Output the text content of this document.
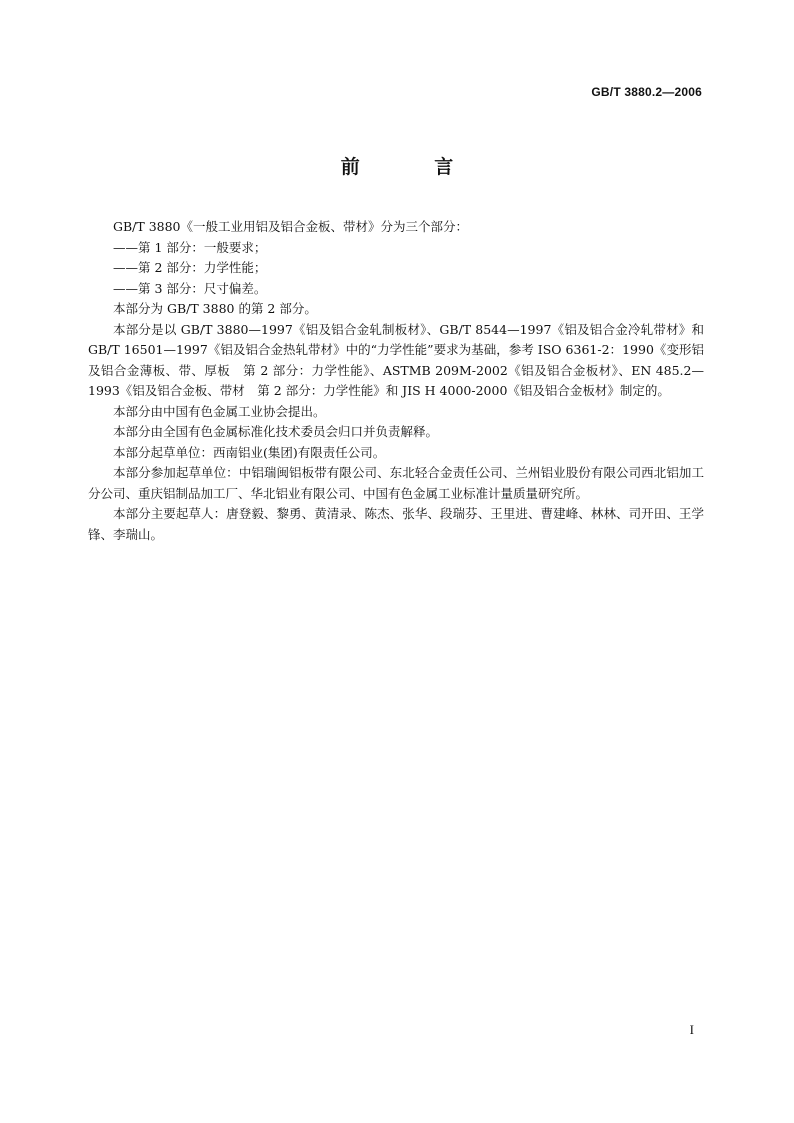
GB/T 3880.2—2006
前 言

GB/T 3880《一般工业用铝及铝合金板、带材》分为三个部分：

——第 1 部分：一般要求；

——第 2 部分：力学性能；

——第 3 部分：尺寸偏差。

本部分为 GB/T 3880 的第 2 部分。

本部分是以 GB/T 3880—1997《铝及铝合金轧制板材》、GB/T 8544—1997《铝及铝合金冷轧带材》和 GB/T 16501—1997《铝及铝合金热轧带材》中的“力学性能”要求为基础，参考 ISO 6361-2：1990《变形铝及铝合金薄板、带、厚板　第 2 部分：力学性能》、ASTMB 209M-2002《铝及铝合金板材》、EN 485.2—1993《铝及铝合金板、带材　第 2 部分：力学性能》和 JIS H 4000-2000《铝及铝合金板材》制定的。

本部分由中国有色金属工业协会提出。

本部分由全国有色金属标准化技术委员会归口并负责解释。

本部分起草单位：西南铝业(集团)有限责任公司。

本部分参加起草单位：中铝瑞闽铝板带有限公司、东北轻合金责任公司、兰州铝业股份有限公司西北铝加工分公司、重庆铝制品加工厂、华北铝业有限公司、中国有色金属工业标准计量质量研究所。

本部分主要起草人：唐登毅、黎勇、黄清录、陈杰、张华、段瑞芬、王里进、曹建峰、林林、司开田、王学锋、李瑞山。

I
